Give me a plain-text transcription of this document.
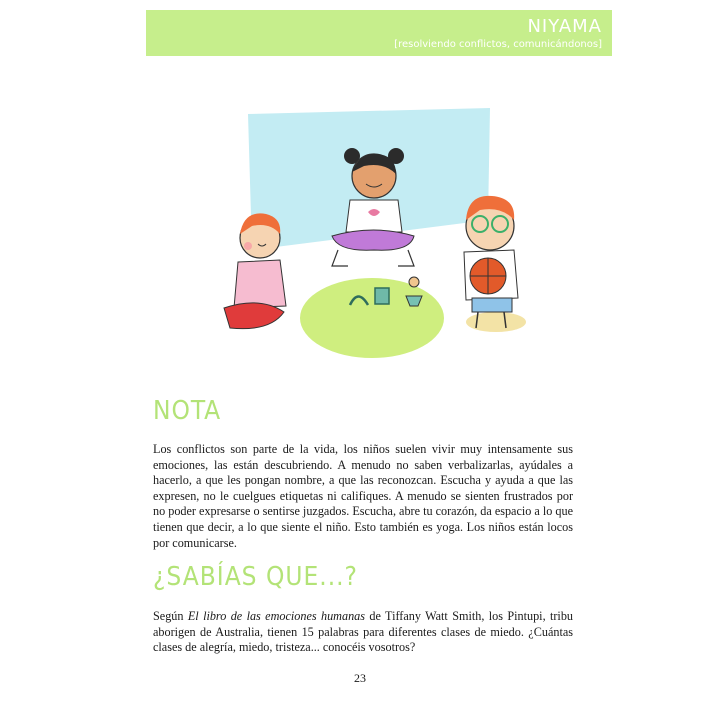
NIYAMA
[resolviendo conflictos, comunicándonos]
NOTA

Los conflictos son parte de la vida, los niños suelen vivir muy intensamente sus emociones, las están descubriendo. A menudo no saben verbalizarlas, ayúdales a hacerlo, a que les pongan nombre, a que las reconozcan. Escucha y ayuda a que las expresen, no le cuelgues etiquetas ni califiques. A menudo se sienten frustrados por no poder expresarse o sentirse juzgados. Escucha, abre tu corazón, da espacio a lo que tienen que decir, a lo que siente el niño. Esto también es yoga. Los niños están locos por comunicarse.

¿SABÍAS QUE...?

Según El libro de las emociones humanas de Tiffany Watt Smith, los Pintupi, tribu aborigen de Australia, tienen 15 palabras para diferentes clases de miedo. ¿Cuántas clases de alegría, miedo, tristeza... conocéis vosotros?

23
